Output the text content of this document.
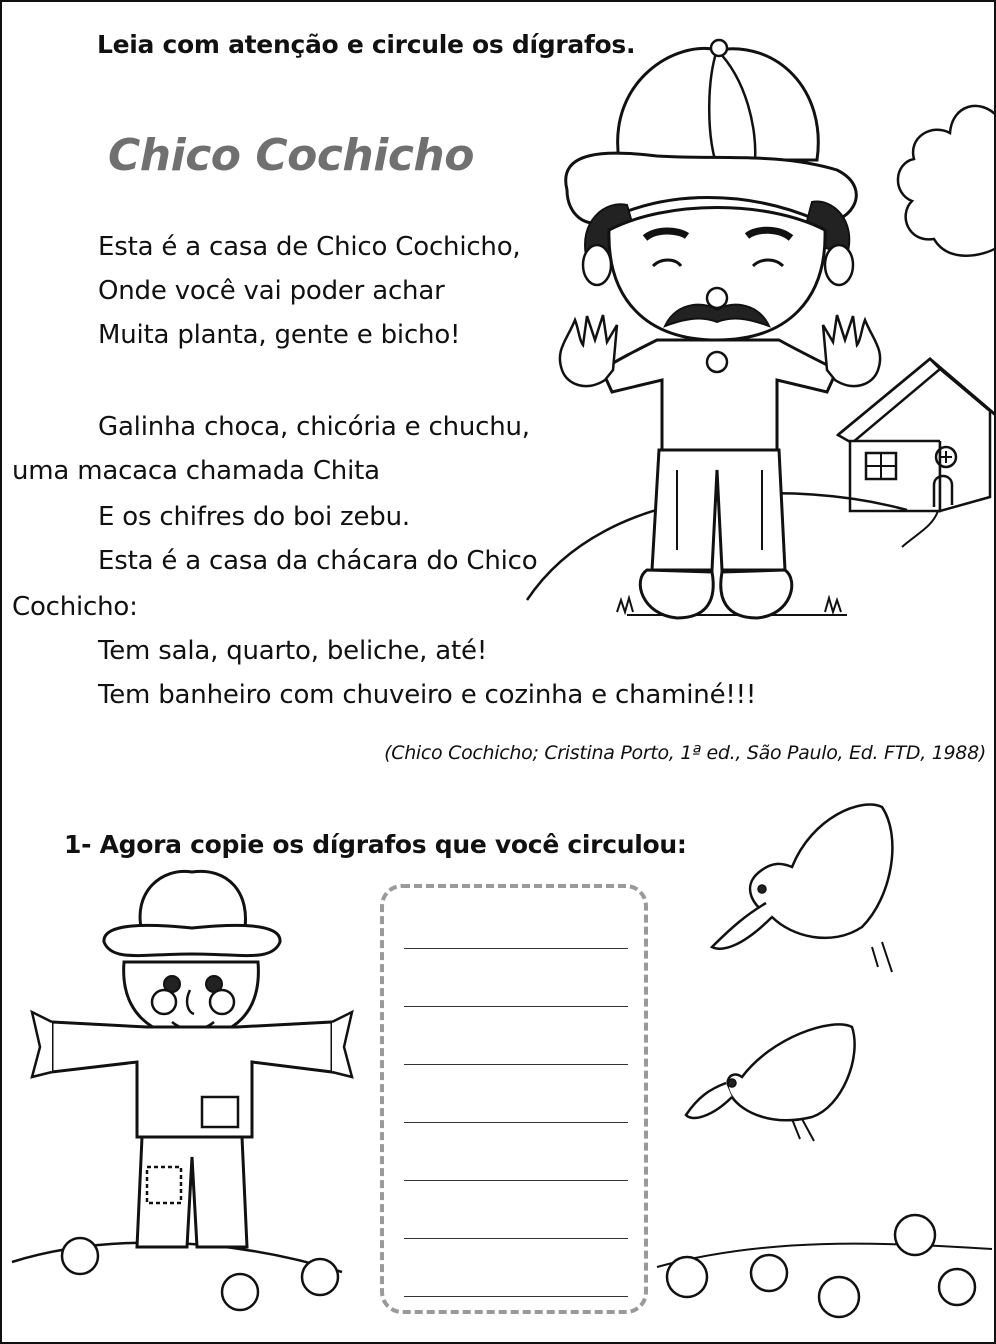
Leia com atenção e circule os dígrafos.
Chico Cochicho
Esta é a casa de Chico Cochicho,
Onde você vai poder achar
Muita planta, gente e bicho!
Galinha choca, chicória e chuchu,
uma macaca chamada Chita
E os chifres do boi zebu.
Esta é a casa da chácara do Chico
Cochicho:
Tem sala, quarto, beliche, até!
Tem banheiro com chuveiro e cozinha e chaminé!!!
(Chico Cochicho; Cristina Porto, 1ª ed., São Paulo, Ed. FTD, 1988)
1- Agora copie os dígrafos que você circulou:
